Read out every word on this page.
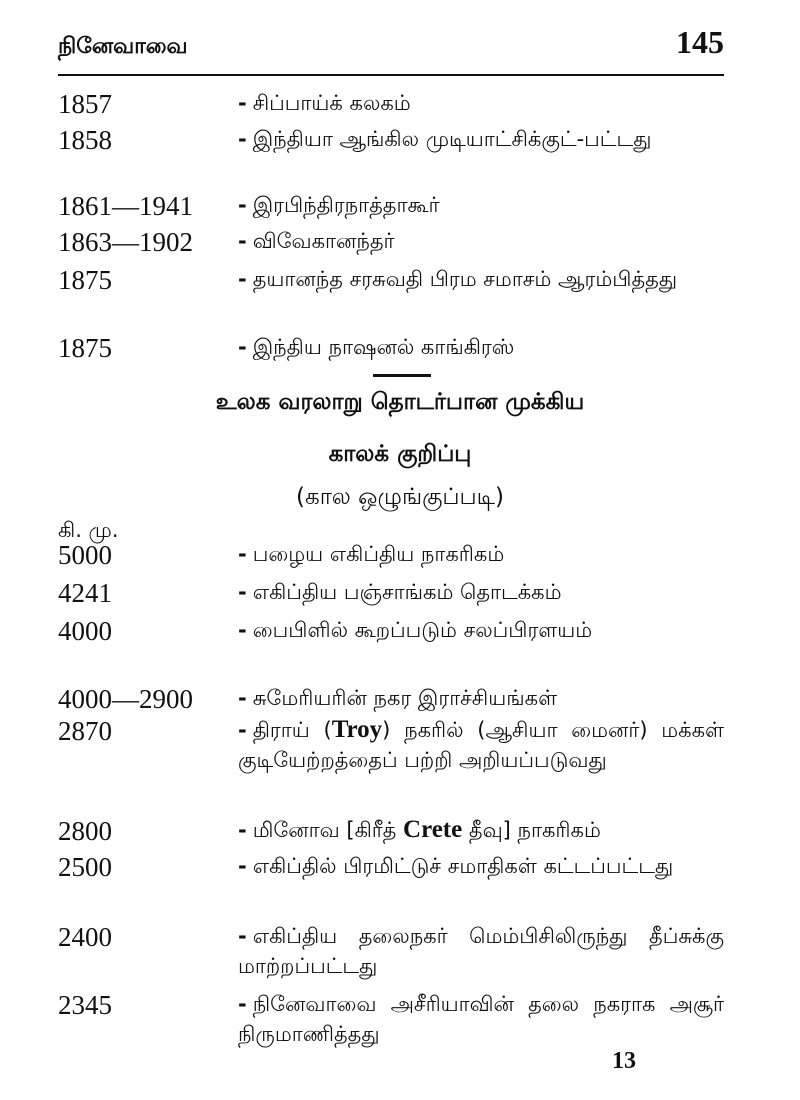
நினேவாவை	145
1857	- சிப்பாய்க் கலகம்
1858	- இந்தியா ஆங்கில முடியாட்சிக்குட்-பட்டது
1861—1941	- இரபிந்திரநாத்தாகூர்
1863—1902	- விவேகானந்தர்
1875	- தயானந்த சரசுவதி பிரம சமாசம் ஆரம்பித்தது
1875	- இந்திய நாஷனல் காங்கிரஸ்
உலக வரலாறு தொடர்பான முக்கிய
காலக் குறிப்பு
(கால ஒழுங்குப்படி)
கி. மு.
5000	- பழைய எகிப்திய நாகரிகம்
4241	- எகிப்திய பஞ்சாங்கம் தொடக்கம்
4000	- பைபிளில் கூறப்படும் சலப்பிரளயம்
4000—2900	- சுமேரியரின் நகர இராச்சியங்கள்
2870	- திராய் (Troy) நகரில் (ஆசியா மைனர்) மக்கள் குடியேற்றத்தைப் பற்றி அறியப்படுவது
2800	- மினோவ [கிரீத் Crete தீவு] நாகரிகம்
2500	- எகிப்தில் பிரமிட்டுச் சமாதிகள் கட்டப்பட்டது
2400	- எகிப்திய தலைநகர் மெம்பிசிலிருந்து தீப்சுக்கு மாற்றப்பட்டது
2345	- நினேவாவை அசீரியாவின் தலை நகராக அசூர் நிருமாணித்தது
13
